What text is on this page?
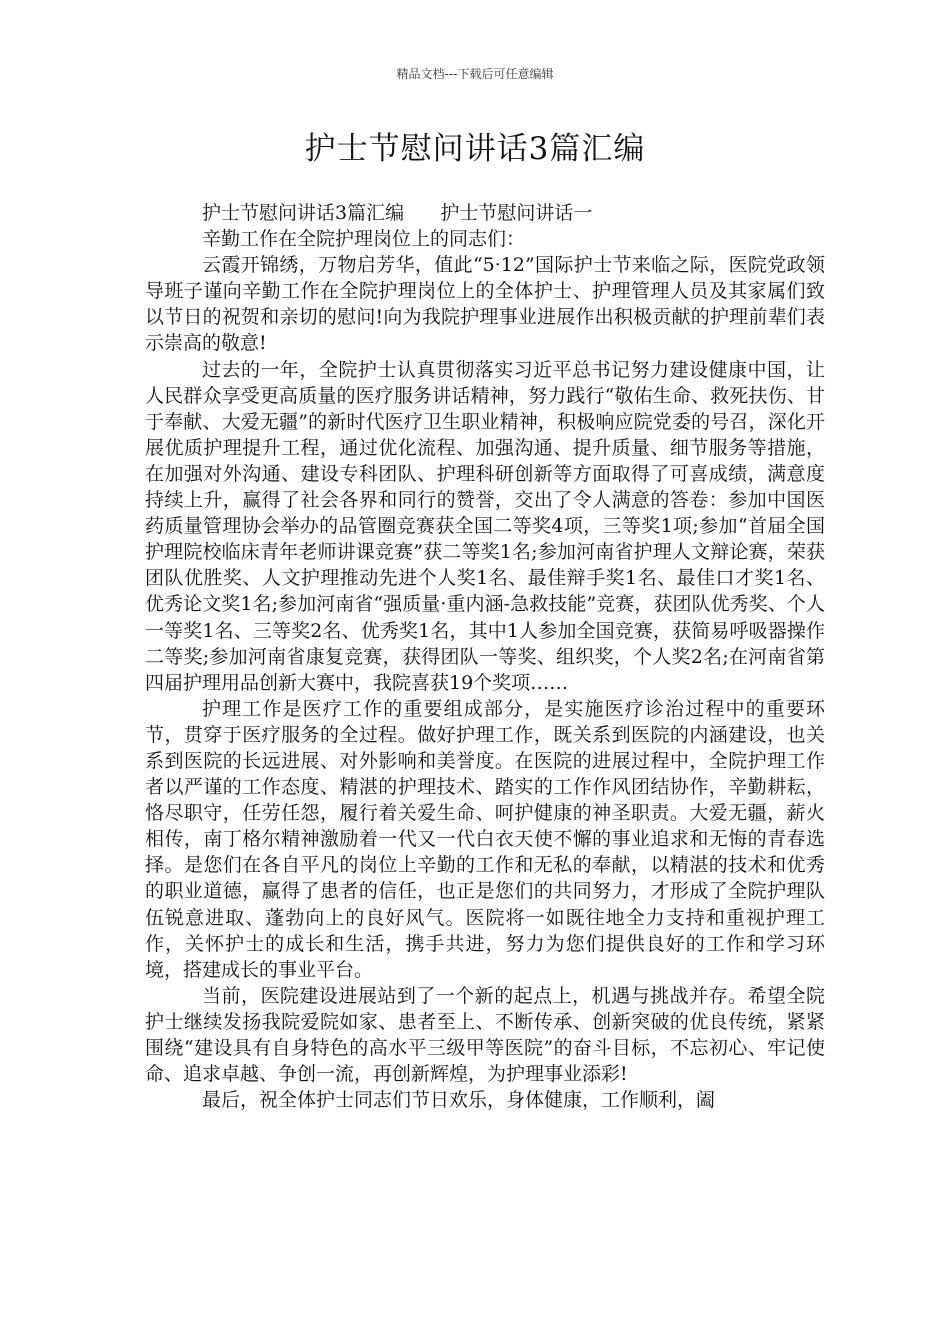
精品文档---下载后可任意编辑
护士节慰问讲话3篇汇编

护士节慰问讲话3篇汇编      护士节慰问讲话一

辛勤工作在全院护理岗位上的同志们：

云霞开锦绣，万物启芳华，值此“5·12”国际护士节来临之际，医院党政领导班子谨向辛勤工作在全院护理岗位上的全体护士、护理管理人员及其家属们致以节日的祝贺和亲切的慰问!向为我院护理事业进展作出积极贡献的护理前辈们表示崇高的敬意!

过去的一年，全院护士认真贯彻落实习近平总书记努力建设健康中国，让人民群众享受更高质量的医疗服务讲话精神，努力践行“敬佑生命、救死扶伤、甘于奉献、大爱无疆”的新时代医疗卫生职业精神，积极响应院党委的号召，深化开展优质护理提升工程，通过优化流程、加强沟通、提升质量、细节服务等措施，在加强对外沟通、建设专科团队、护理科研创新等方面取得了可喜成绩，满意度持续上升，赢得了社会各界和同行的赞誉，交出了令人满意的答卷：参加中国医药质量管理协会举办的品管圈竞赛获全国二等奖4项，三等奖1项;参加“首届全国护理院校临床青年老师讲课竞赛”获二等奖1名;参加河南省护理人文辩论赛，荣获团队优胜奖、人文护理推动先进个人奖1名、最佳辩手奖1名、最佳口才奖1名、优秀论文奖1名;参加河南省“强质量·重内涵-急救技能”竞赛，获团队优秀奖、个人一等奖1名、三等奖2名、优秀奖1名，其中1人参加全国竞赛，获简易呼吸器操作二等奖;参加河南省康复竞赛，获得团队一等奖、组织奖，个人奖2名;在河南省第四届护理用品创新大赛中，我院喜获19个奖项……

护理工作是医疗工作的重要组成部分，是实施医疗诊治过程中的重要环节，贯穿于医疗服务的全过程。做好护理工作，既关系到医院的内涵建设，也关系到医院的长远进展、对外影响和美誉度。在医院的进展过程中，全院护理工作者以严谨的工作态度、精湛的护理技术、踏实的工作作风团结协作，辛勤耕耘，恪尽职守，任劳任怨，履行着关爱生命、呵护健康的神圣职责。大爱无疆，薪火相传，南丁格尔精神激励着一代又一代白衣天使不懈的事业追求和无悔的青春选择。是您们在各自平凡的岗位上辛勤的工作和无私的奉献，以精湛的技术和优秀的职业道德，赢得了患者的信任，也正是您们的共同努力，才形成了全院护理队伍锐意进取、蓬勃向上的良好风气。医院将一如既往地全力支持和重视护理工作，关怀护士的成长和生活，携手共进，努力为您们提供良好的工作和学习环境，搭建成长的事业平台。

当前，医院建设进展站到了一个新的起点上，机遇与挑战并存。希望全院护士继续发扬我院爱院如家、患者至上、不断传承、创新突破的优良传统，紧紧围绕“建设具有自身特色的高水平三级甲等医院”的奋斗目标，不忘初心、牢记使命、追求卓越、争创一流，再创新辉煌，为护理事业添彩!

最后，祝全体护士同志们节日欢乐，身体健康，工作顺利，阖
